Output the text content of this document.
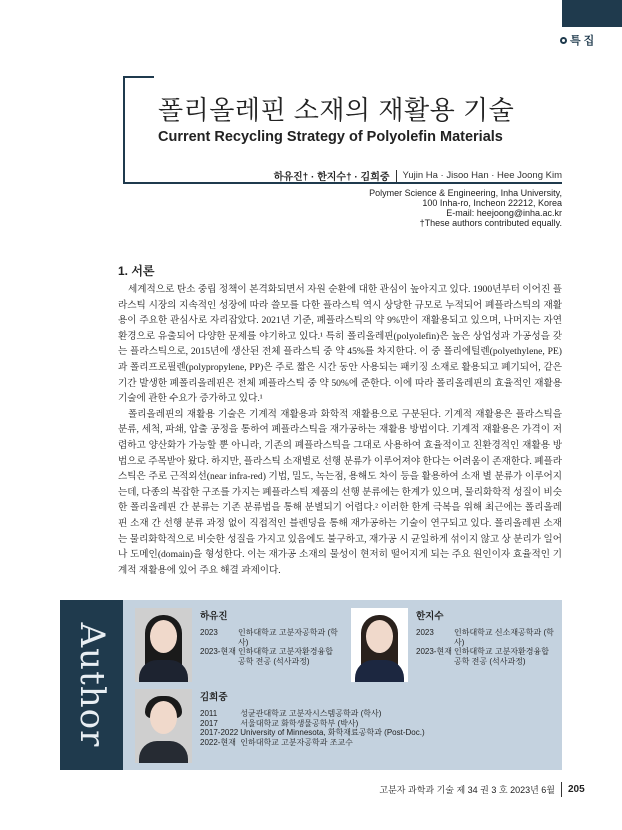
특 집
폴리올레핀 소재의 재활용 기술
Current Recycling Strategy of Polyolefin Materials
하유진† · 한지수† · 김희중 Yujin Ha · Jisoo Han · Hee Joong Kim
Polymer Science & Engineering, Inha University,
100 Inha-ro, Incheon 22212, Korea
E-mail: heejoong@inha.ac.kr
†These authors contributed equally.
1. 서론

세계적으로 탄소 중립 정책이 본격화되면서 자원 순환에 대한 관심이 높아지고 있다. 1900년부터 이어진 플라스틱 시장의 지속적인 성장에 따라 쓸모를 다한 플라스틱 역시 상당한 규모로 누적되어 폐플라스틱의 재활용이 주요한 관심사로 자리잡았다. 2021년 기준, 폐플라스틱의 약 9%만이 재활용되고 있으며, 나머지는 자연 환경으로 유출되어 다양한 문제를 야기하고 있다.¹ 특히 폴리올레핀(polyolefin)은 높은 상업성과 가공성을 갖는 플라스틱으로, 2015년에 생산된 전체 플라스틱 중 약 45%를 차지한다. 이 중 폴리에틸렌(polyethylene, PE)과 폴리프로필렌(polypropylene, PP)은 주로 짧은 시간 동안 사용되는 패키징 소재로 활용되고 폐기되어, 같은 기간 발생한 폐폴리올레핀은 전체 폐플라스틱 중 약 50%에 준한다. 이에 따라 폴리올레핀의 효율적인 재활용 기술에 관한 수요가 증가하고 있다.¹

폴리올레핀의 재활용 기술은 기계적 재활용과 화학적 재활용으로 구분된다. 기계적 재활용은 플라스틱을 분류, 세척, 파쇄, 압출 공정을 통하여 폐플라스틱을 재가공하는 재활용 방법이다. 기계적 재활용은 가격이 저렴하고 양산화가 가능할 뿐 아니라, 기존의 폐플라스틱을 그대로 사용하여 효율적이고 친환경적인 재활용 방법으로 주목받아 왔다. 하지만, 플라스틱 소재별로 선행 분류가 이루어져야 한다는 어려움이 존재한다. 폐플라스틱은 주로 근적외선(near infra-red) 기법, 밀도, 녹는점, 용해도 차이 등을 활용하여 소재 별 분류가 이루어지는데, 다종의 복잡한 구조를 가지는 폐플라스틱 제품의 선행 분류에는 한계가 있으며, 물리화학적 성질이 비슷한 폴리올레핀 간 분류는 기존 분류법을 통해 분별되기 어렵다.² 이러한 한계 극복을 위해 최근에는 폴리올레핀 소재 간 선행 분류 과정 없이 직접적인 블렌딩을 통해 재가공하는 기술이 연구되고 있다. 폴리올레핀 소재는 물리화학적으로 비슷한 성질을 가지고 있음에도 불구하고, 재가공 시 균일하게 섞이지 않고 상 분리가 일어나 도메인(domain)을 형성한다. 이는 재가공 소재의 물성이 현저히 떨어지게 되는 주요 원인이자 효율적인 기계적 재활용에 있어 주요 해결 과제이다.

Author
하유진
2023	인하대학교 고분자공학과 (학사)
2023-현재	인하대학교 고분자환경융합공학 전공 (석사과정)
한지수
2023	인하대학교 신소재공학과 (학사)
2023-현재	인하대학교 고분자환경융합공학 전공 (석사과정)
김희중
2011	성균관대학교 고분자시스템공학과 (학사)
2017	서울대학교 화학생물공학부 (박사)
2017-2022	University of Minnesota, 화학재료공학과 (Post-Doc.)
2022-현재	인하대학교 고분자공학과 조교수
고분자 과학과 기술 제 34 권 3 호 2023년 6월 205
